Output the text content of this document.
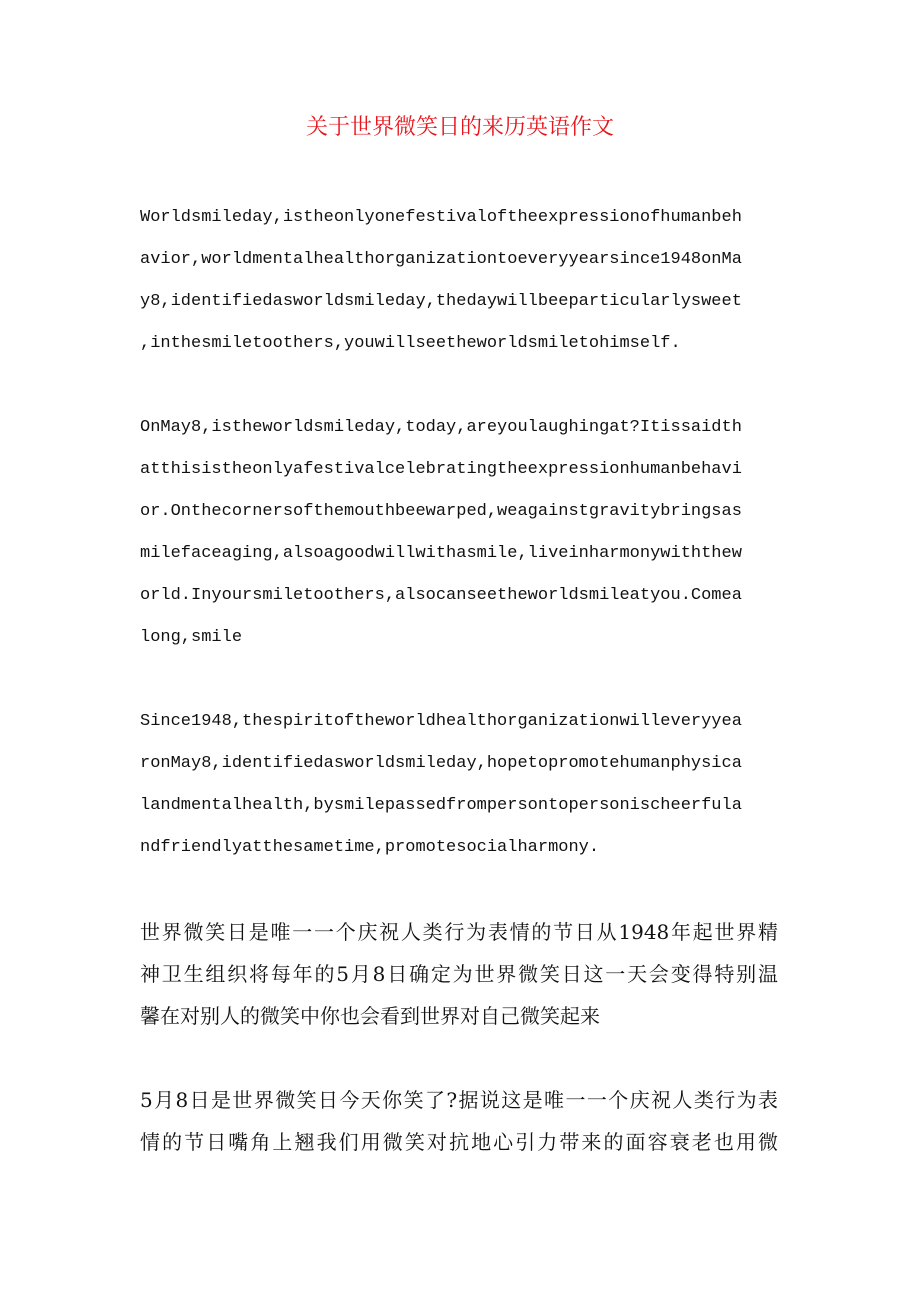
关于世界微笑日的来历英语作文
Worldsmileday,istheonlyonefestivaloftheexpressionofhumanbeh
avior,worldmentalhealthorganizationtoeveryyearsince1948onMa
y8,identifiedasworldsmileday,thedaywillbeeparticularlysweet
,inthesmiletoothers,youwillseetheworldsmiletohimself.
OnMay8,istheworldsmileday,today,areyoulaughingat?Itissaidth
atthisistheonlyafestivalcelebratingtheexpressionhumanbehavi
or.Onthecornersofthemouthbeewarped,weagainstgravitybringsas
milefaceaging,alsoagoodwillwithasmile,liveinharmonywiththew
orld.Inyoursmiletoothers,alsocanseetheworldsmileatyou.Comea
long,smile
Since1948,thespiritoftheworldhealthorganizationwilleveryyea
ronMay8,identifiedasworldsmileday,hopetopromotehumanphysica
landmentalhealth,bysmilepassedfrompersontopersonischeerfula
ndfriendlyatthesametime,promotesocialharmony.
世界微笑日是唯一一个庆祝人类行为表情的节日从1948年起世界精
神卫生组织将每年的5月8日确定为世界微笑日这一天会变得特别温
馨在对别人的微笑中你也会看到世界对自己微笑起来
5月8日是世界微笑日今天你笑了?据说这是唯一一个庆祝人类行为表
情的节日嘴角上翘我们用微笑对抗地心引力带来的面容衰老也用微
